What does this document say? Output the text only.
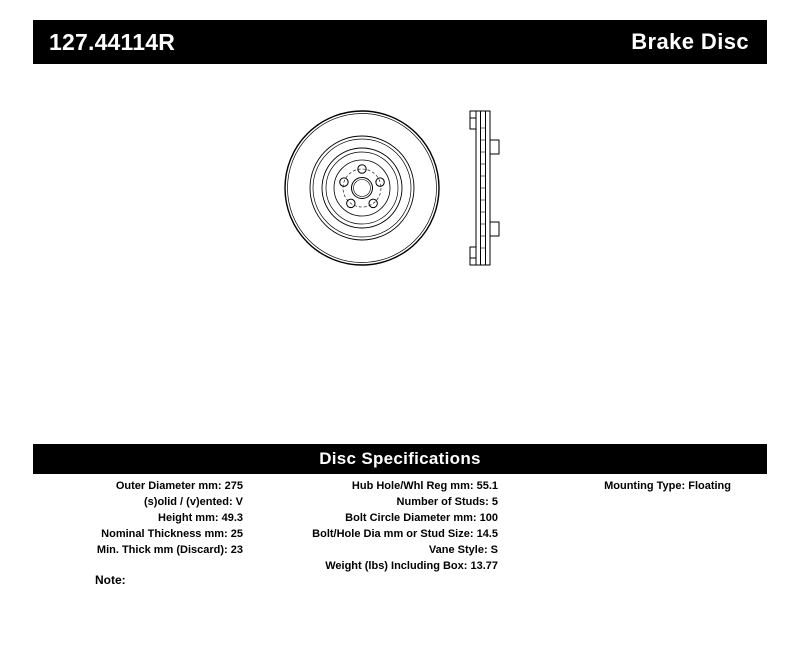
127.44114R	Brake Disc
Disc Specifications
Outer Diameter mm: 275
(s)olid / (v)ented: V
Height mm: 49.3
Nominal Thickness mm: 25
Min. Thick mm (Discard): 23
Hub Hole/Whl Reg mm: 55.1
Number of Studs: 5
Bolt Circle Diameter mm: 100
Bolt/Hole Dia mm or Stud Size: 14.5
Vane Style: S
Weight (lbs) Including Box: 13.77
Mounting Type: Floating
Note:
